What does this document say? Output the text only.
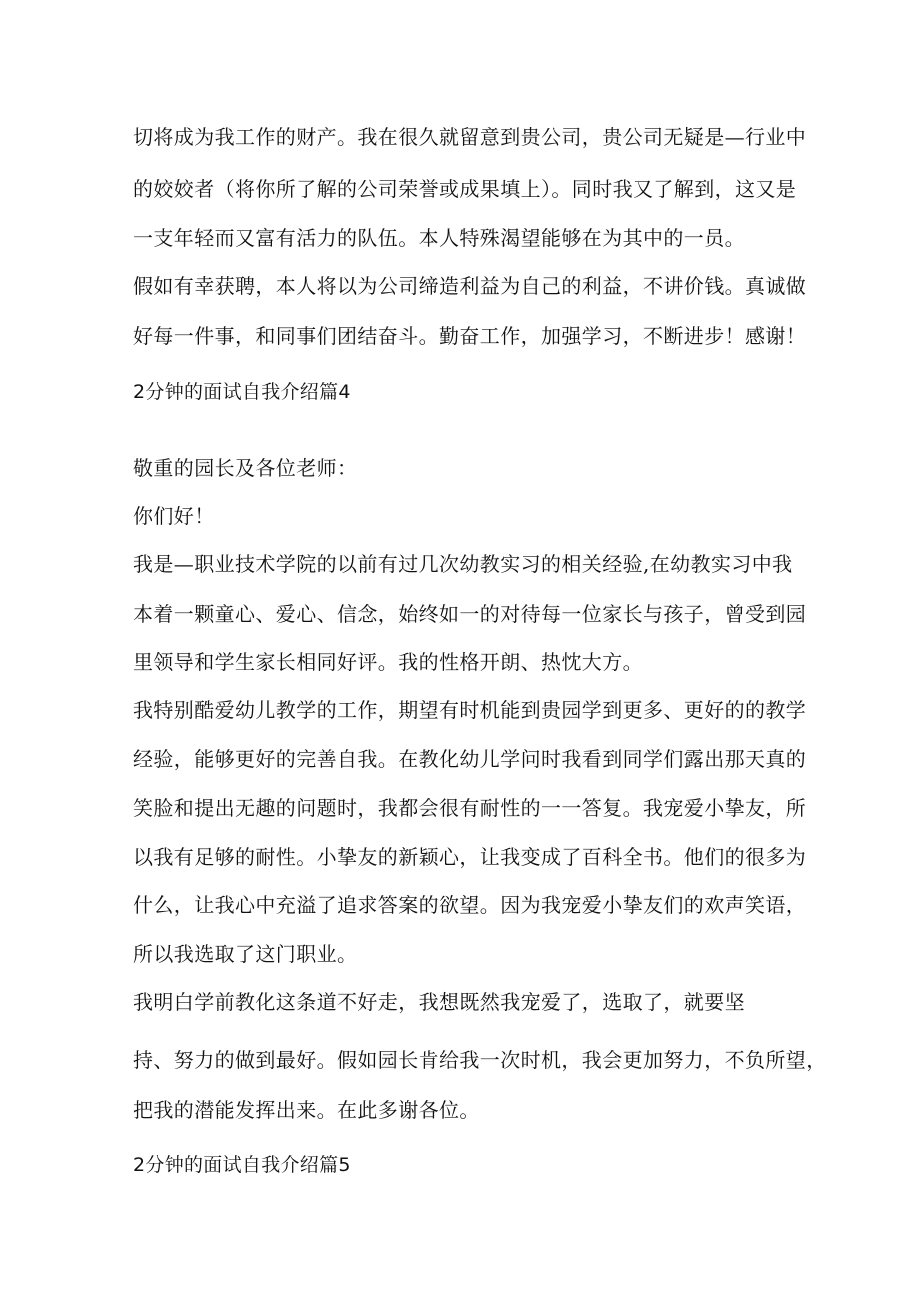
切将成为我工作的财产。我在很久就留意到贵公司，贵公司无疑是—行业中
的姣姣者（将你所了解的公司荣誉或成果填上）。同时我又了解到，这又是
一支年轻而又富有活力的队伍。本人特殊渴望能够在为其中的一员。
假如有幸获聘，本人将以为公司缔造利益为自己的利益，不讲价钱。真诚做
好每一件事，和同事们团结奋斗。勤奋工作，加强学习，不断进步！感谢！
2分钟的面试自我介绍篇4
敬重的园长及各位老师：
你们好！
我是—职业技术学院的以前有过几次幼教实习的相关经验,在幼教实习中我
本着一颗童心、爱心、信念，始终如一的对待每一位家长与孩子，曾受到园
里领导和学生家长相同好评。我的性格开朗、热忱大方。
我特别酷爱幼儿教学的工作，期望有时机能到贵园学到更多、更好的的教学
经验，能够更好的完善自我。在教化幼儿学问时我看到同学们露出那天真的
笑脸和提出无趣的问题时，我都会很有耐性的一一答复。我宠爱小挚友，所
以我有足够的耐性。小挚友的新颖心，让我变成了百科全书。他们的很多为
什么，让我心中充溢了追求答案的欲望。因为我宠爱小挚友们的欢声笑语，
所以我选取了这门职业。
我明白学前教化这条道不好走，我想既然我宠爱了，选取了，就要坚
持、努力的做到最好。假如园长肯给我一次时机，我会更加努力，不负所望，
把我的潜能发挥出来。在此多谢各位。
2分钟的面试自我介绍篇5
